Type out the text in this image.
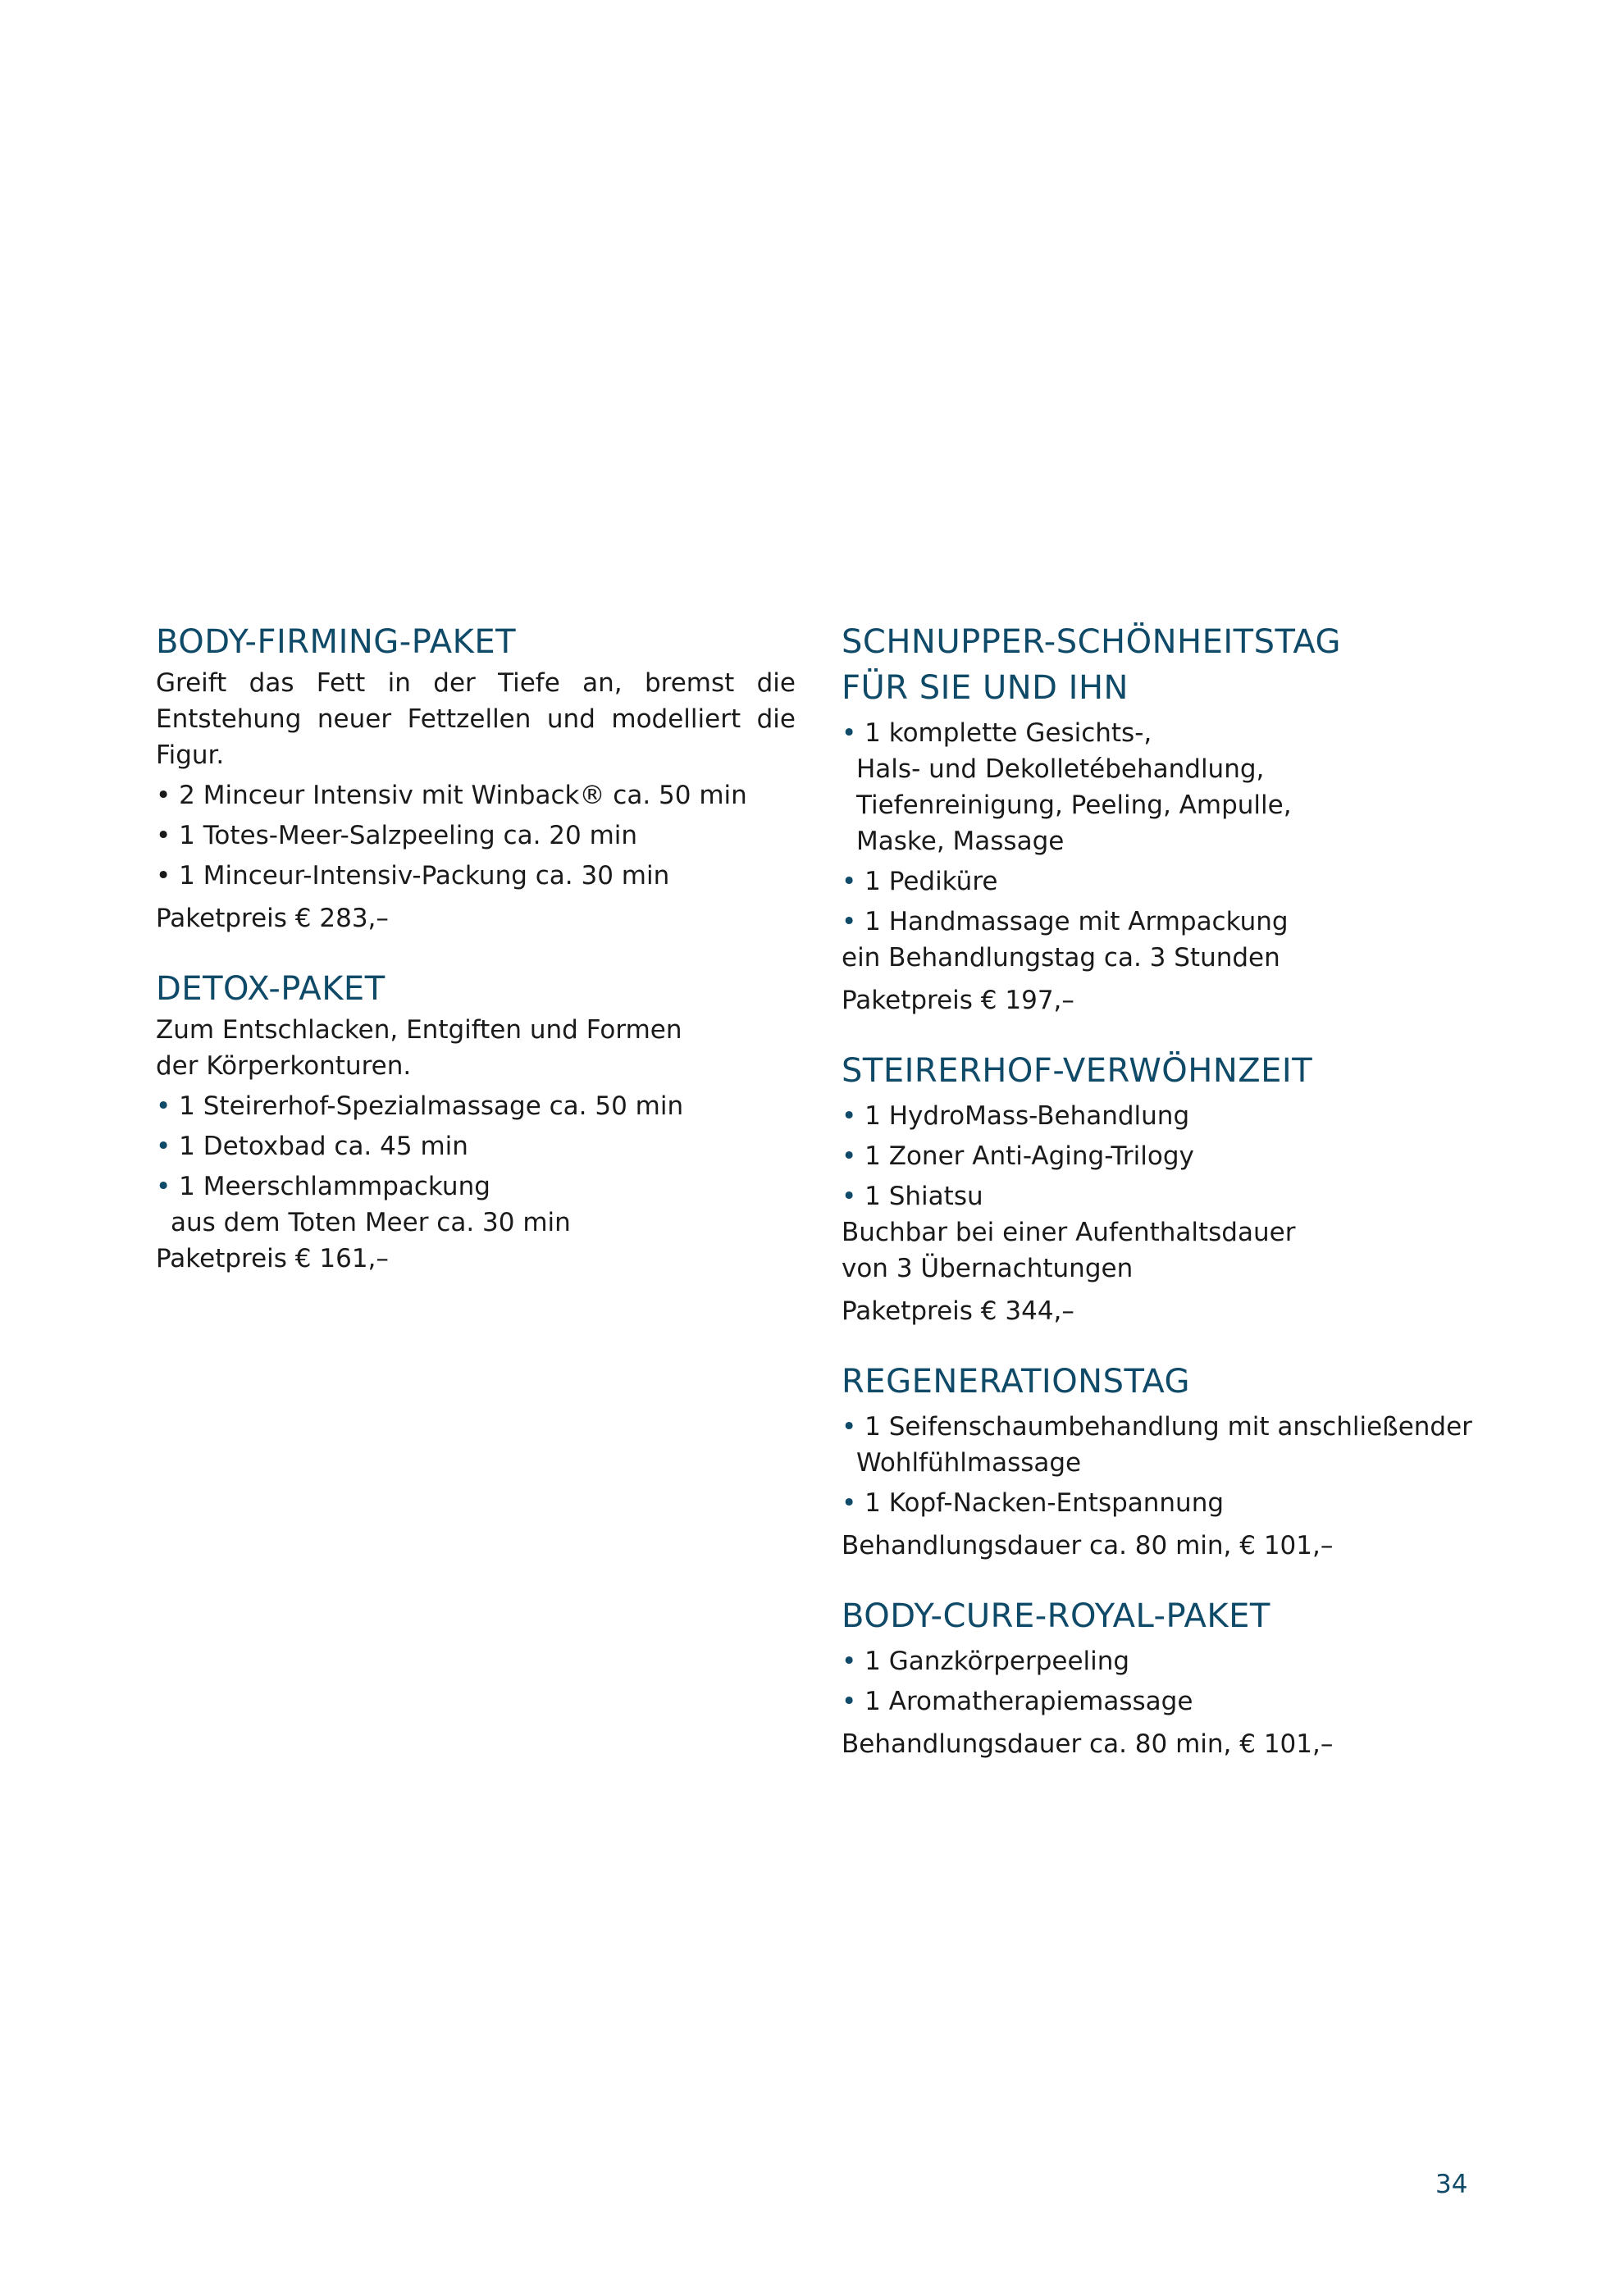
BODY-FIRMING-PAKET

Greift das Fett in der Tiefe an, bremst die Entstehung neuer Fettzellen und modelliert die Figur.

• 2 Minceur Intensiv mit Winback® ca. 50 min
• 1 Totes-Meer-Salzpeeling ca. 20 min
• 1 Minceur-Intensiv-Packung ca. 30 min

Paketpreis € 283,–

DETOX-PAKET

Zum Entschlacken, Entgiften und Formen
der Körperkonturen.

• 1 Steirerhof-Spezialmassage ca. 50 min
• 1 Detoxbad ca. 45 min
• 1 Meerschlammpackung
aus dem Toten Meer ca. 30 min

Paketpreis € 161,–

SCHNUPPER-SCHÖNHEITSTAG
FÜR SIE UND IHN
• 1 komplette Gesichts-,
Hals- und Dekolletébehandlung,
Tiefenreinigung, Peeling, Ampulle,
Maske, Massage
• 1 Pediküre
• 1 Handmassage mit Armpackung

ein Behandlungstag ca. 3 Stunden

Paketpreis € 197,–

STEIRERHOF-VERWÖHNZEIT
• 1 HydroMass-Behandlung
• 1 Zoner Anti-Aging-Trilogy
• 1 Shiatsu

Buchbar bei einer Aufenthaltsdauer
von 3 Übernachtungen

Paketpreis € 344,–

REGENERATIONSTAG
• 1 Seifenschaumbehandlung mit anschließender
Wohlfühlmassage
• 1 Kopf-Nacken-Entspannung

Behandlungsdauer ca. 80 min, € 101,–

BODY-CURE-ROYAL-PAKET
• 1 Ganzkörperpeeling
• 1 Aromatherapiemassage

Behandlungsdauer ca. 80 min, € 101,–

34
